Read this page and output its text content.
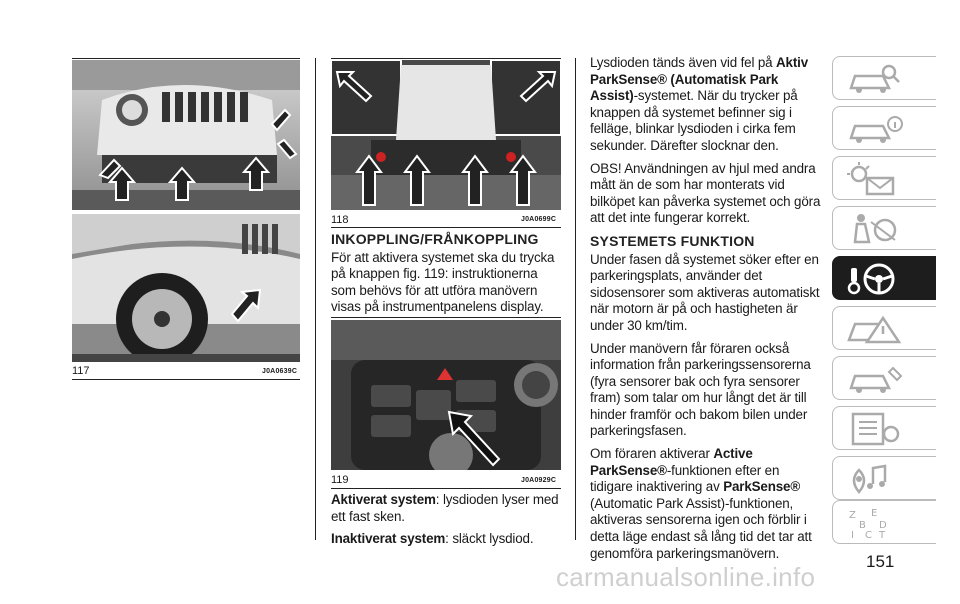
117	J0A0639C
118	J0A0699C
INKOPPLING/FRÅNKOPPLING

För att aktivera systemet ska du trycka på knappen fig. 119: instruktionerna som behövs för att utföra manövern visas på instrumentpanelens display.

119	J0A0929C

Aktiverat system: lysdioden lyser med ett fast sken.

Inaktiverat system: släckt lysdiod.

Lysdioden tänds även vid fel på Aktiv ParkSense® (Automatisk Park Assist)-systemet. När du trycker på knappen då systemet befinner sig i felläge, blinkar lysdioden i cirka fem sekunder. Därefter slocknar den.

OBS! Användningen av hjul med andra mått än de som har monterats vid bilköpet kan påverka systemet och göra att det inte fungerar korrekt.

SYSTEMETS FUNKTION

Under fasen då systemet söker efter en parkeringsplats, använder det sidosensorer som aktiveras automatiskt när motorn är på och hastigheten är under 30 km/tim.

Under manövern får föraren också information från parkeringssensorerna (fyra sensorer bak och fyra sensorer fram) som talar om hur långt det är till hinder framför och bakom bilen under parkeringsfasen.

Om föraren aktiverar Active ParkSense®-funktionen efter en tidigare inaktivering av ParkSense® (Automatic Park Assist)-funktionen, aktiveras sensorerna igen och förblir i detta läge endast så lång tid det tar att genomföra parkeringsmanövern.

Z E
B D
I C T
151
carmanualsonline.info
